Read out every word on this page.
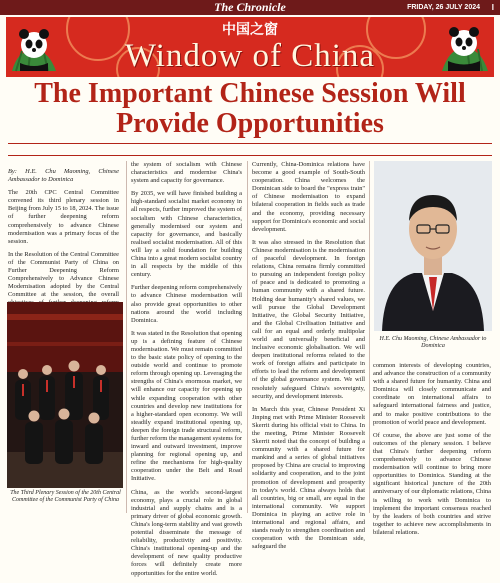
The Chronicle	FRIDAY, 26 JULY 2024 I
中国之窗
Window of China
The Important Chinese Session Will Provide Opportunities

By: H.E. Chu Maoming, Chinese Ambassador to Dominica

The 20th CPC Central Committee convened its third plenary session in Beijing from July 15 to 18, 2024. The issue of further deepening reform comprehensively to advance Chinese modernisation was a primary focus of the session.

In the Resolution of the Central Committee of the Communist Party of China on Further Deepening Reform Comprehensively to Advance Chinese Modernisation adopted by the Central Committee at the session, the overall

The Third Plenary Session of the 20th Central Committee of the Communist Party of China

the system of socialism with Chinese characteristics and modernise China's system and capacity for governance.

By 2035, we will have finished building a high-standard socialist market economy in all respects, further improved the system of socialism with Chinese characteristics, generally modernised our system and capacity for governance, and basically realised socialist modernisation. All of this will lay a solid foundation for building China into a great modern socialist country in all respects by the middle of this century.

Further deepening reform comprehensively to advance Chinese modernisation will also provide great opportunities to other nations around the world including Dominica.

It was stated in the Resolution that opening up is a defining feature of Chinese modernisation. We must remain committed to the basic state policy of opening to the outside world and continue to promote reform through opening up. Leveraging the strengths of China's enormous market, we will enhance our capacity for opening up while expanding cooperation with other countries and develop new institutions for a higher-standard open economy. We will steadily expand institutional opening up, deepen the foreign trade structural reform, further reform the management systems for inward and outward investment, improve planning for regional opening up, and refine the mechanisms for high-quality cooperation under the Belt and Road Initiative.

China, as the world's second-largest economy, plays a crucial role in global industrial and supply chains and is a primary driver of global economic growth. China's long-term stability and vast growth potential disseminate the message of reliability, productivity and positivity. China's institutional opening-up and the development of new quality productive forces will definitely create more opportunities for the entire world.

Currently, China-Dominica relations have become a good example of South-South cooperation. China welcomes the Dominican side to board the "express train" of Chinese modernisation to expand bilateral cooperation in fields such as trade and the economy, providing necessary support for Dominica's economic and social development.

It was also stressed in the Resolution that Chinese modernisation is the modernisation of peaceful development. In foreign relations, China remains firmly committed to pursuing an independent foreign policy of peace and is dedicated to promoting a human community with a shared future. Holding dear humanity's shared values, we will pursue the Global Development Initiative, the Global Security Initiative, and the Global Civilisation Initiative and call for an equal and orderly multipolar world and universally beneficial and inclusive economic globalisation. We will deepen institutional reforms related to the work of foreign affairs and participate in efforts to lead the reform and development of the global governance system. We will resolutely safeguard China's sovereignty, security, and development interests.

In March this year, Chinese President Xi Jinping met with Prime Minister Roosevelt Skerrit during his official visit to China. In the meeting, Prime Minister Roosevelt Skerrit noted that the concept of building a community with a shared future for mankind and a series of global initiatives proposed by China are crucial to improving solidarity and cooperation, and to the joint promotion of development and prosperity in today's world. China always holds that all countries, big or small, are equal in the international community. We support Dominica in playing an active role in international and regional affairs, and stands ready to strengthen coordination and cooperation with the Dominican side, safeguard the

H.E. Chu Maoming, Chinese Ambassador to Dominica

common interests of developing countries, and advance the construction of a community with a shared future for humanity. China and Dominica will closely communicate and coordinate on international affairs to safeguard international fairness and justice, and to make positive contributions to the promotion of world peace and development.

Of course, the above are just some of the outcomes of the plenary session. I believe that China's further deepening reform comprehensively to advance Chinese modernisation will continue to bring more opportunities to Dominica. Standing at the significant historical juncture of the 20th anniversary of our diplomatic relations, China is willing to work with Dominica to implement the important consensus reached by the leaders of both countries and strive together to achieve new accomplishments in bilateral relations.
